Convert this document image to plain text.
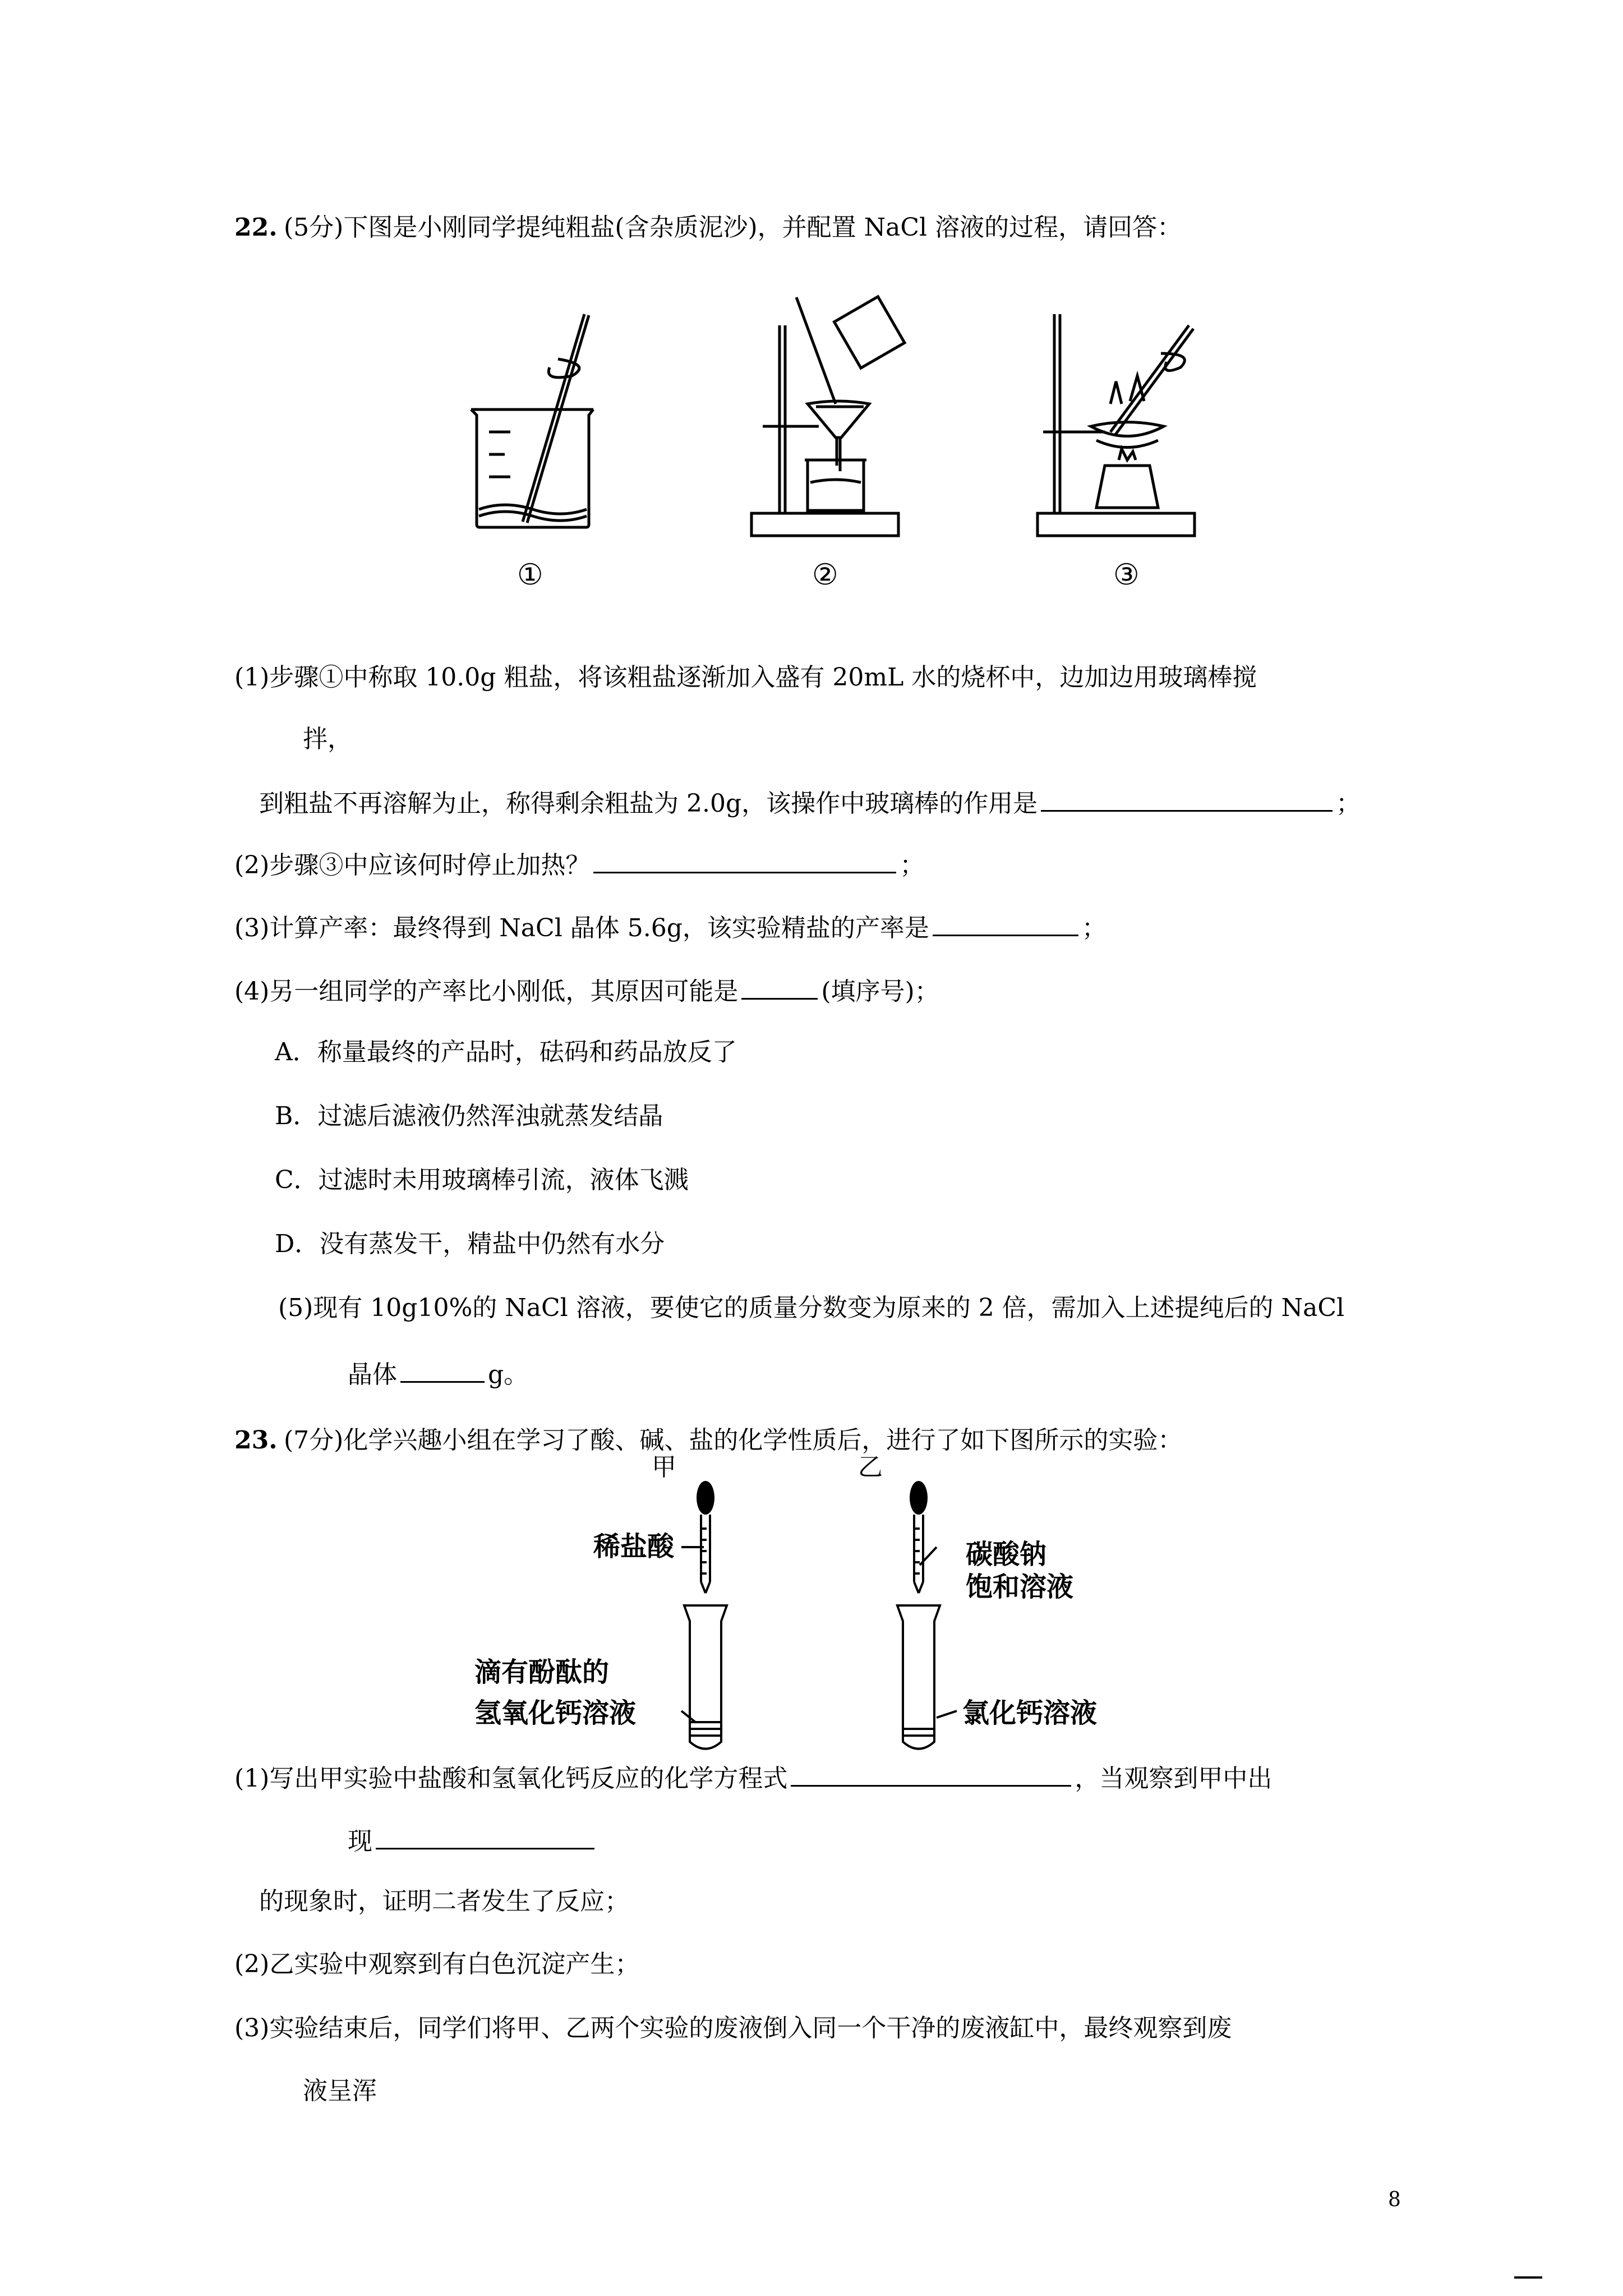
22. (5分)下图是小刚同学提纯粗盐(含杂质泥沙)，并配置 NaCl 溶液的过程，请回答：
①	②	③
(1)步骤①中称取 10.0g 粗盐，将该粗盐逐渐加入盛有 20mL 水的烧杯中，边加边用玻璃棒搅
拌，
到粗盐不再溶解为止，称得剩余粗盐为 2.0g，该操作中玻璃棒的作用是	；
(2)步骤③中应该何时停止加热？	；
(3)计算产率：最终得到 NaCl 晶体 5.6g，该实验精盐的产率是	；
(4)另一组同学的产率比小刚低，其原因可能是	(填序号)；
A．称量最终的产品时，砝码和药品放反了
B．过滤后滤液仍然浑浊就蒸发结晶
C．过滤时未用玻璃棒引流，液体飞溅
D．没有蒸发干，精盐中仍然有水分
(5)现有 10g10%的 NaCl 溶液，要使它的质量分数变为原来的 2 倍，需加入上述提纯后的 NaCl
晶体	g。
23. (7分)化学兴趣小组在学习了酸、碱、盐的化学性质后，进行了如下图所示的实验：
甲	乙
稀盐酸	碳酸钠
饱和溶液
滴有酚酞的
氢氧化钙溶液	氯化钙溶液
(1)写出甲实验中盐酸和氢氧化钙反应的化学方程式	，当观察到甲中出
现
的现象时，证明二者发生了反应；
(2)乙实验中观察到有白色沉淀产生；
(3)实验结束后，同学们将甲、乙两个实验的废液倒入同一个干净的废液缸中，最终观察到废
液呈浑
8
